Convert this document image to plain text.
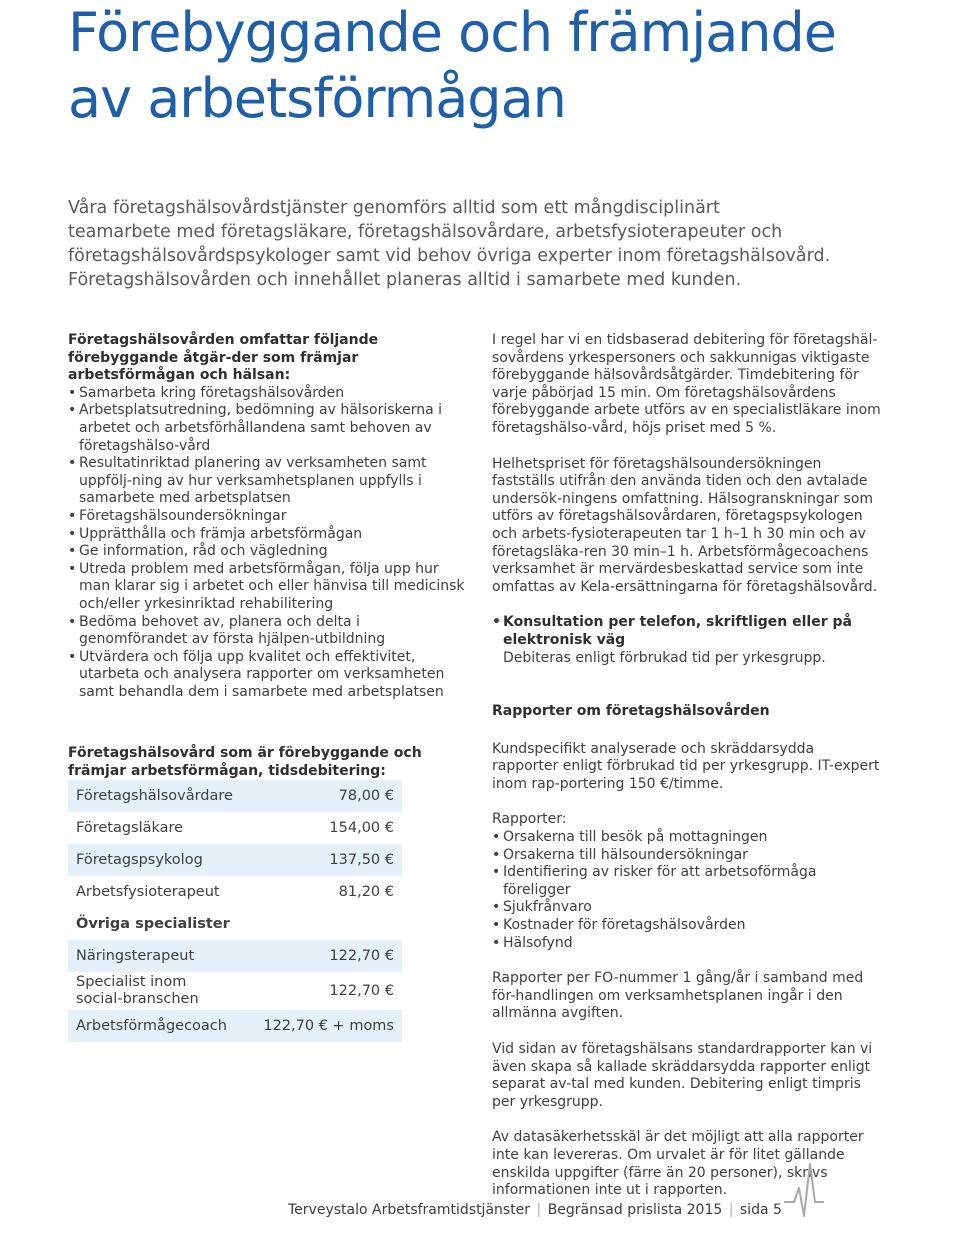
Förebyggande och främjande
av arbetsförmågan
Våra företagshälsovårdstjänster genomförs alltid som ett mångdisciplinärt
teamarbete med företagsläkare, företagshälsovårdare, arbetsfysioterapeuter och
företagshälsovårdspsykologer samt vid behov övriga experter inom företagshälsovård.
Företagshälsovården och innehållet planeras alltid i samarbete med kunden.

Företagshälsovården omfattar följande förebyggande åtgär-der som främjar arbetsförmågan och hälsan:

• Samarbeta kring företagshälsovården
• Arbetsplatsutredning, bedömning av hälsoriskerna i arbetet och arbetsförhållandena samt behoven av företagshälso-vård
• Resultatinriktad planering av verksamheten samt uppfölj-ning av hur verksamhetsplanen uppfylls i samarbete med arbetsplatsen
• Företagshälsoundersökningar
• Upprätthålla och främja arbetsförmågan
• Ge information, råd och vägledning
• Utreda problem med arbetsförmågan, följa upp hur man klarar sig i arbetet och eller hänvisa till medicinsk och/eller yrkesinriktad rehabilitering
• Bedöma behovet av, planera och delta i genomförandet av första hjälpen-utbildning
• Utvärdera och följa upp kvalitet och effektivitet, utarbeta och analysera rapporter om verksamheten samt behandla dem i samarbete med arbetsplatsen

Företagshälsovård som är förebyggande och främjar arbetsförmågan, tidsdebitering:

Företagshälsovårdare	78,00 €
Företagsläkare	154,00 €
Företagspsykolog	137,50 €
Arbetsfysioterapeut	81,20 €
Övriga specialister
Näringsterapeut	122,70 €
Specialist inom social-branschen	122,70 €
Arbetsförmågecoach	122,70 € + moms

I regel har vi en tidsbaserad debitering för företagshäl-sovårdens yrkespersoners och sakkunnigas viktigaste förebyggande hälsovårdsåtgärder. Timdebitering för varje påbörjad 15 min. Om företagshälsovårdens förebyggande arbete utförs av en specialistläkare inom företagshälso-vård, höjs priset med 5 %.

Helhetspriset för företagshälsoundersökningen fastställs utifrån den använda tiden och den avtalade undersök-ningens omfattning. Hälsogranskningar som utförs av företagshälsovårdaren, företagspsykologen och arbets-fysioterapeuten tar 1 h–1 h 30 min och av företagsläka-ren 30 min–1 h. Arbetsförmågecoachens verksamhet är mervärdesbeskattad service som inte omfattas av Kela-ersättningarna för företagshälsovård.

• Konsultation per telefon, skriftligen eller på elektronisk väg
Debiteras enligt förbrukad tid per yrkesgrupp.

Rapporter om företagshälsovården

Kundspecifikt analyserade och skräddarsydda rapporter enligt förbrukad tid per yrkesgrupp. IT-expert inom rap-portering 150 €/timme.

Rapporter:

• Orsakerna till besök på mottagningen
• Orsakerna till hälsoundersökningar
• Identifiering av risker för att arbetsoförmåga föreligger
• Sjukfrånvaro
• Kostnader för företagshälsovården
• Hälsofynd

Rapporter per FO-nummer 1 gång/år i samband med för-handlingen om verksamhetsplanen ingår i den allmänna avgiften.

Vid sidan av företagshälsans standardrapporter kan vi även skapa så kallade skräddarsydda rapporter enligt separat av-tal med kunden. Debitering enligt timpris per yrkesgrupp.

Av datasäkerhetsskäl är det möjligt att alla rapporter inte kan levereras. Om urvalet är för litet gällande enskilda uppgifter (färre än 20 personer), skrivs informationen inte ut i rapporten.

Terveystalo Arbetsframtidstjänster | Begränsad prislista 2015 | sida 5
